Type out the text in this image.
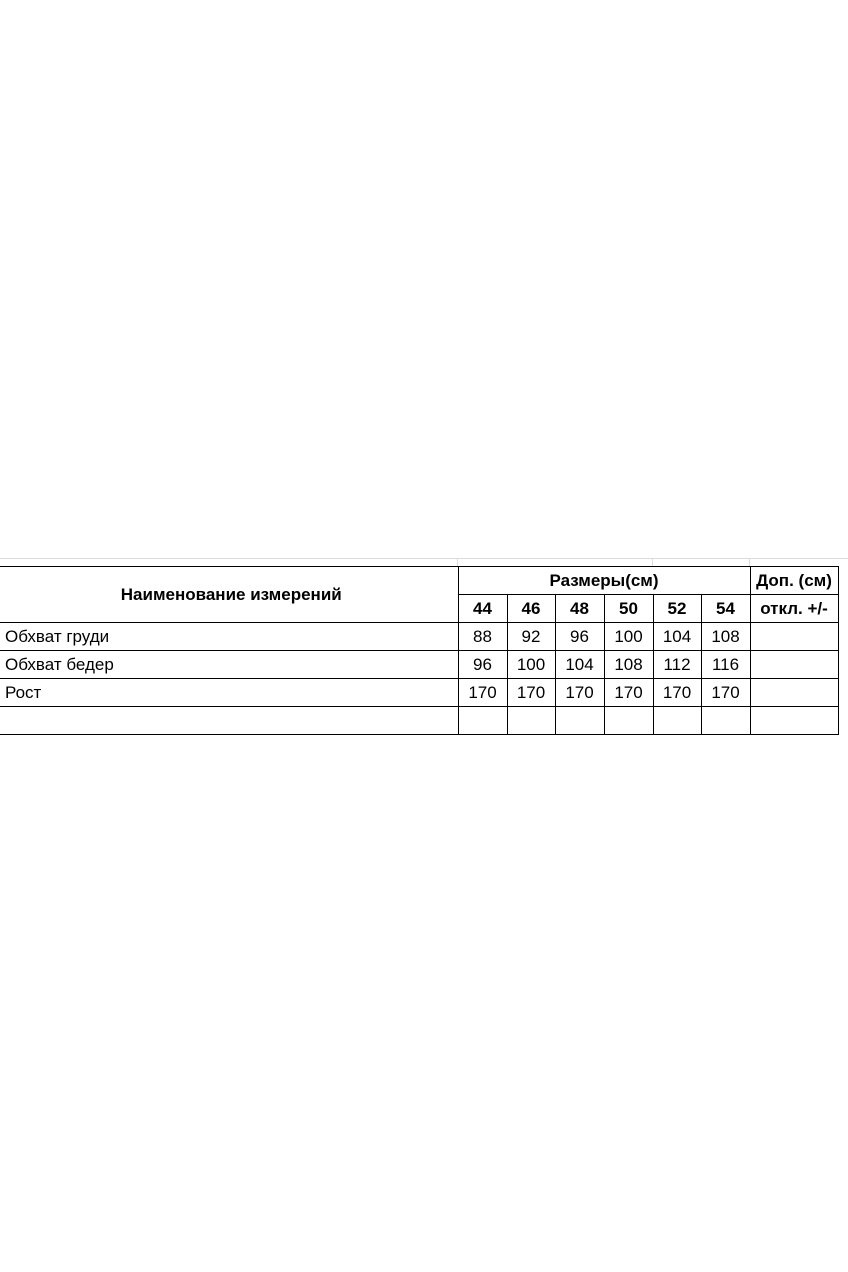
Наименование измерений	Размеры(см)						Доп. (см)
	44	46	48	50	52	54	откл. +/-
Обхват груди	88	92	96	100	104	108	
Обхват бедер	96	100	104	108	112	116	
Рост	170	170	170	170	170	170	
